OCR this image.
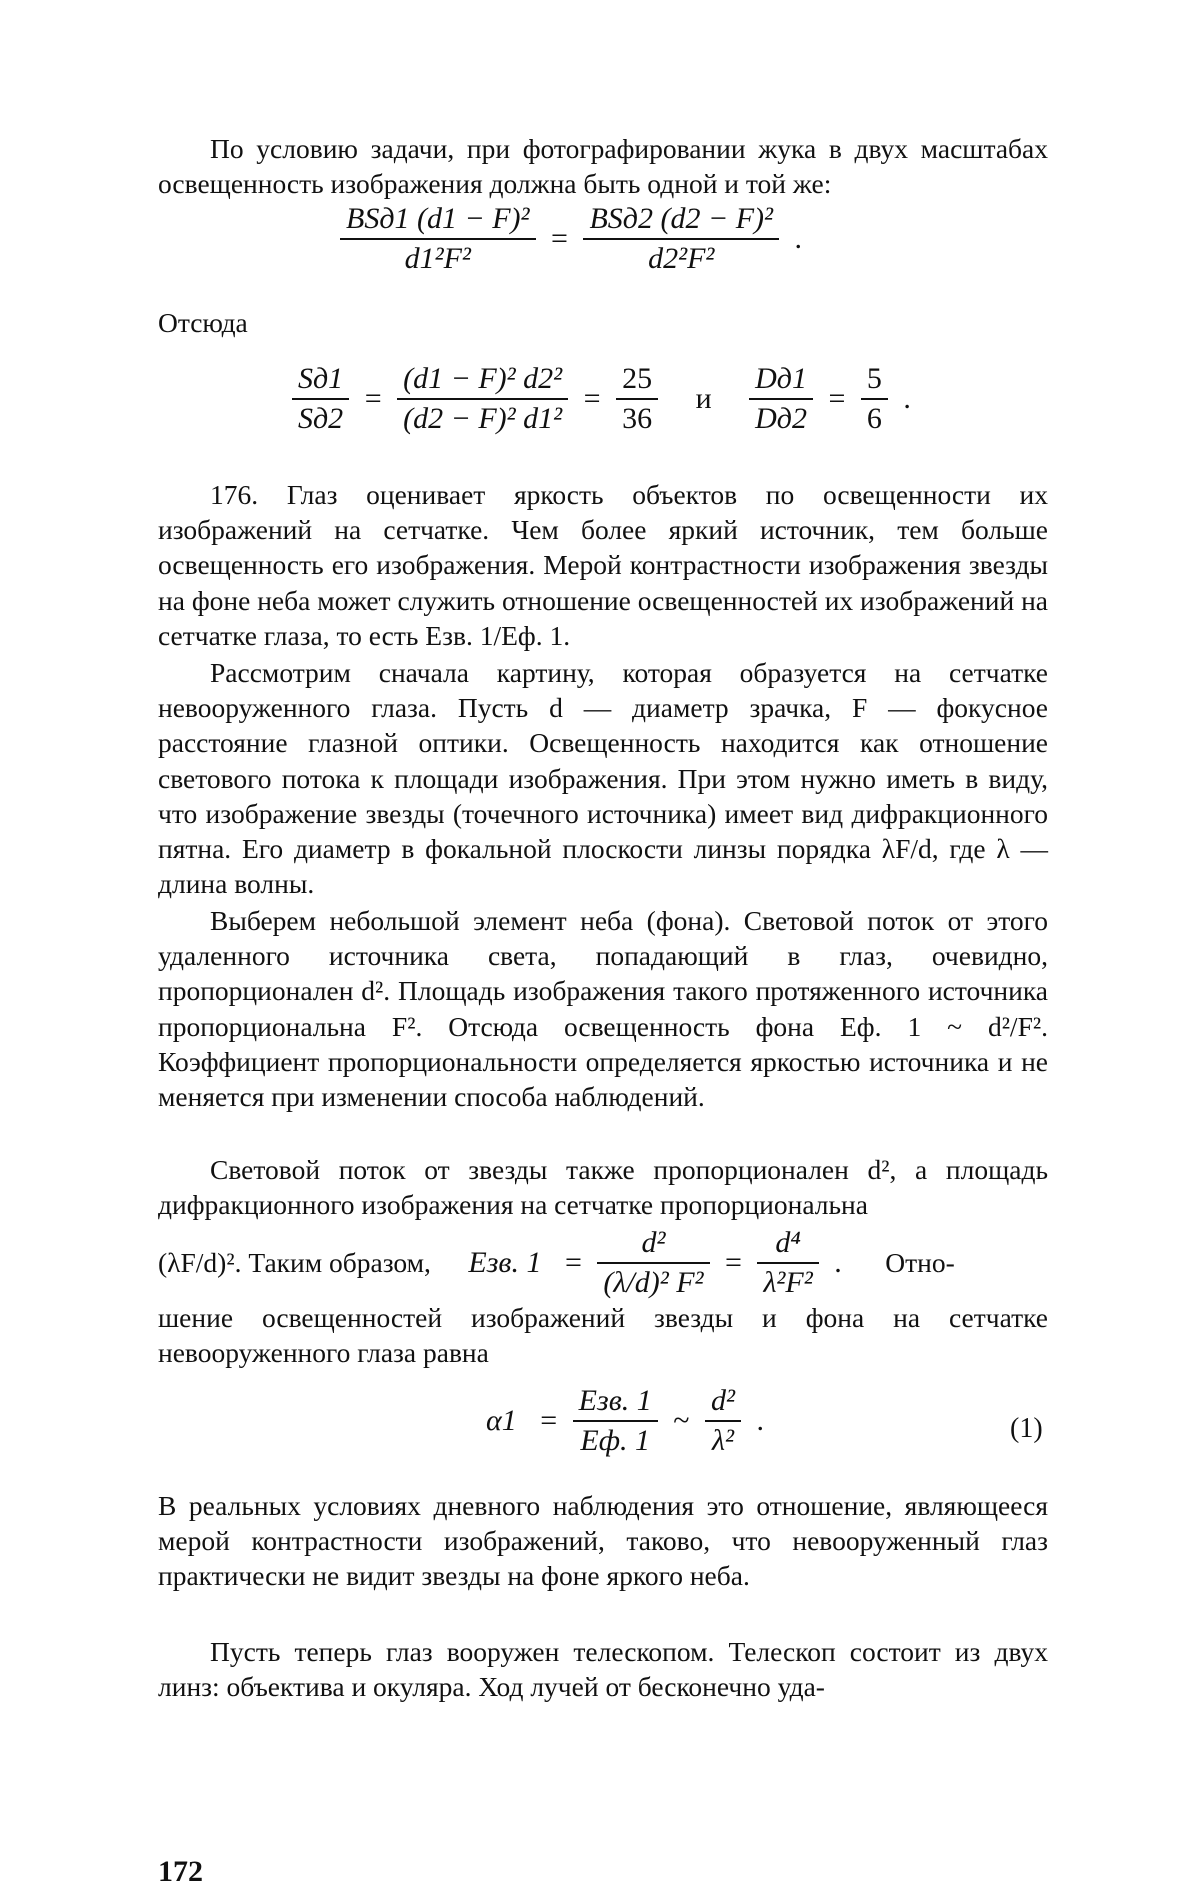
По условию задачи, при фотографировании жука в двух масштабах освещенность изображения должна быть одной и той же:

$\frac{\text{BSд1 (d1 − F)²}}{\text{d1²F²}} = \frac{\text{BSд2 (d2 − F)²}}{\text{d2²F²}}$ .

Отсюда

$\frac{Sд1}{Sд2} = \frac{\text{(d1 − F)² d2²}}{\text{(d2 − F)² d1²}} = \frac{25}{36}$ и $\frac{Dд1}{Dд2} = \frac{5}{6}$ .

176. Глаз оценивает яркость объектов по освещенности их изображений на сетчатке. Чем более яркий источник, тем больше освещенность его изображения. Мерой контрастности изображения звезды на фоне неба может служить отношение освещенностей их изображений на сетчатке глаза, то есть Eзв. 1/Eф. 1.

Рассмотрим сначала картину, которая образуется на сетчатке невооруженного глаза. Пусть d — диаметр зрачка, F — фокусное расстояние глазной оптики. Освещенность находится как отношение светового потока к площади изображения. При этом нужно иметь в виду, что изображение звезды (точечного источника) имеет вид дифракционного пятна. Его диаметр в фокальной плоскости линзы порядка λF/d, где λ — длина волны.

Выберем небольшой элемент неба (фона). Световой поток от этого удаленного источника света, попадающий в глаз, очевидно, пропорционален d². Площадь изображения такого протяженного источника пропорциональна F². Отсюда освещенность фона Eф. 1 ~ d²/F². Коэффициент пропорциональности определяется яркостью источника и не меняется при изменении способа наблюдений.

Световой поток от звезды также пропорционален d², а площадь дифракционного изображения на сетчатке пропорциональна

(λF/d)². Таким образом, Eзв. $1 = \frac{\text{d²}}{\text{(λ/d)² F²}} = \frac{\text{d⁴}}{\text{λ²F²}}$ . Отно-

шение освещенностей изображений звезды и фона на сетчатке невооруженного глаза равна

$\alpha 1 = \frac{\text{Eзв. 1}}{Eф. 1}$ ~ $\frac{\text{d²}}{\text{λ²}}$ .	(1)

В реальных условиях дневного наблюдения это отношение, являющееся мерой контрастности изображений, таково, что невооруженный глаз практически не видит звезды на фоне яркого неба.

Пусть теперь глаз вооружен телескопом. Телескоп состоит из двух линз: объектива и окуляра. Ход лучей от бесконечно уда-

172
